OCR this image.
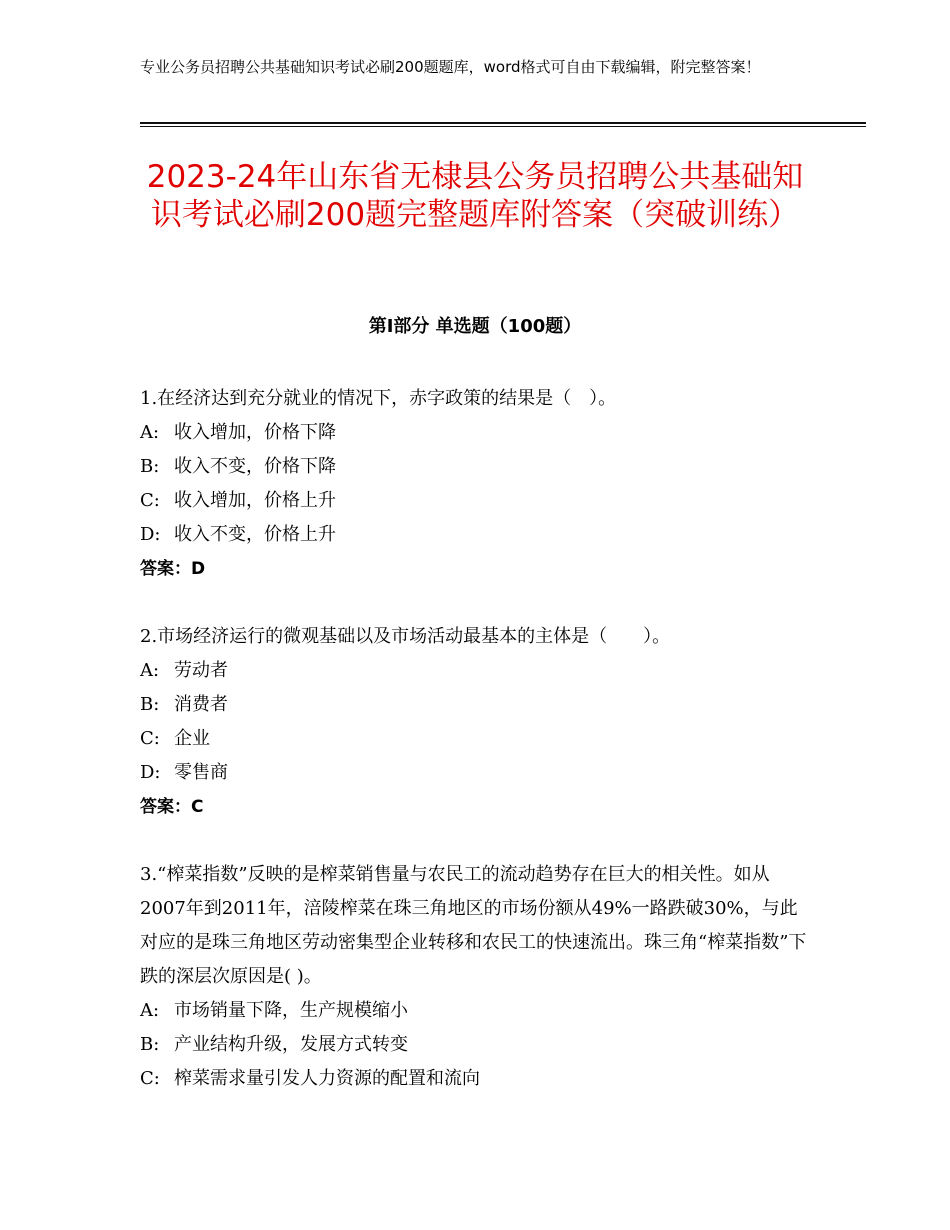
专业公务员招聘公共基础知识考试必刷200题题库，word格式可自由下载编辑，附完整答案！
2023-24年山东省无棣县公务员招聘公共基础知识考试必刷200题完整题库附答案（突破训练）
第Ⅰ部分 单选题（100题）

1.在经济达到充分就业的情况下，赤字政策的结果是（　）。

A: 收入增加，价格下降

B: 收入不变，价格下降

C: 收入增加，价格上升

D: 收入不变，价格上升

答案：D

2.市场经济运行的微观基础以及市场活动最基本的主体是（　　）。

A: 劳动者

B: 消费者

C: 企业

D: 零售商

答案：C

3.“榨菜指数”反映的是榨菜销售量与农民工的流动趋势存在巨大的相关性。如从2007年到2011年，涪陵榨菜在珠三角地区的市场份额从49%一路跌破30%，与此对应的是珠三角地区劳动密集型企业转移和农民工的快速流出。珠三角“榨菜指数”下跌的深层次原因是( )。

A: 市场销量下降，生产规模缩小

B: 产业结构升级，发展方式转变

C: 榨菜需求量引发人力资源的配置和流向
